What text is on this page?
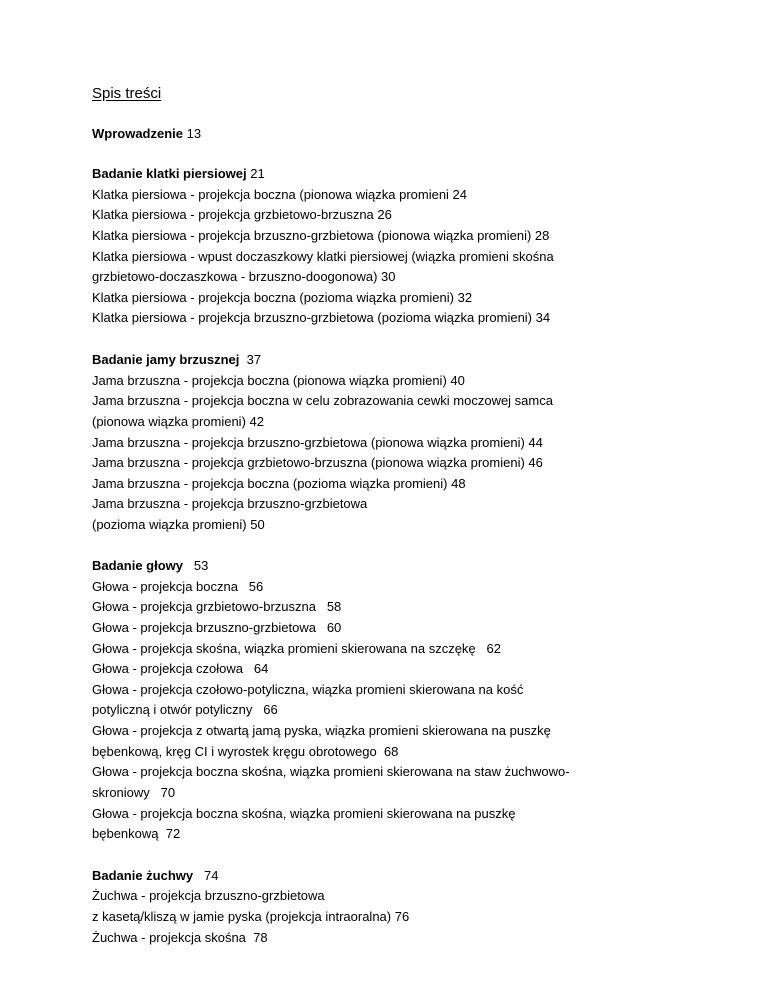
Spis treści
Wprowadzenie 13
Badanie klatki piersiowej 21
Klatka piersiowa - projekcja boczna (pionowa wiązka promieni 24
Klatka piersiowa - projekcja grzbietowo-brzuszna 26
Klatka piersiowa - projekcja brzuszno-grzbietowa (pionowa wiązka promieni) 28
Klatka piersiowa - wpust doczaszkowy klatki piersiowej (wiązka promieni skośna
grzbietowo-doczaszkowa - brzuszno-doogonowa) 30
Klatka piersiowa - projekcja boczna (pozioma wiązka promieni) 32
Klatka piersiowa - projekcja brzuszno-grzbietowa (pozioma wiązka promieni) 34
Badanie jamy brzusznej  37
Jama brzuszna - projekcja boczna (pionowa wiązka promieni) 40
Jama brzuszna - projekcja boczna w celu zobrazowania cewki moczowej samca
(pionowa wiązka promieni) 42
Jama brzuszna - projekcja brzuszno-grzbietowa (pionowa wiązka promieni) 44
Jama brzuszna - projekcja grzbietowo-brzuszna (pionowa wiązka promieni) 46
Jama brzuszna - projekcja boczna (pozioma wiązka promieni) 48
Jama brzuszna - projekcja brzuszno-grzbietowa
(pozioma wiązka promieni) 50
Badanie głowy   53
Głowa - projekcja boczna   56
Głowa - projekcja grzbietowo-brzuszna   58
Głowa - projekcja brzuszno-grzbietowa   60
Głowa - projekcja skośna, wiązka promieni skierowana na szczękę   62
Głowa - projekcja czołowa   64
Głowa - projekcja czołowo-potyliczna, wiązka promieni skierowana na kość
potyliczną i otwór potyliczny   66
Głowa - projekcja z otwartą jamą pyska, wiązka promieni skierowana na puszkę
bębenkową, kręg CI i wyrostek kręgu obrotowego  68
Głowa - projekcja boczna skośna, wiązka promieni skierowana na staw żuchwowo-
skroniowy   70
Głowa - projekcja boczna skośna, wiązka promieni skierowana na puszkę
bębenkową  72
Badanie żuchwy   74
Żuchwa - projekcja brzuszno-grzbietowa
z kasetą/kliszą w jamie pyska (projekcja intraoralna) 76
Żuchwa - projekcja skośna  78
